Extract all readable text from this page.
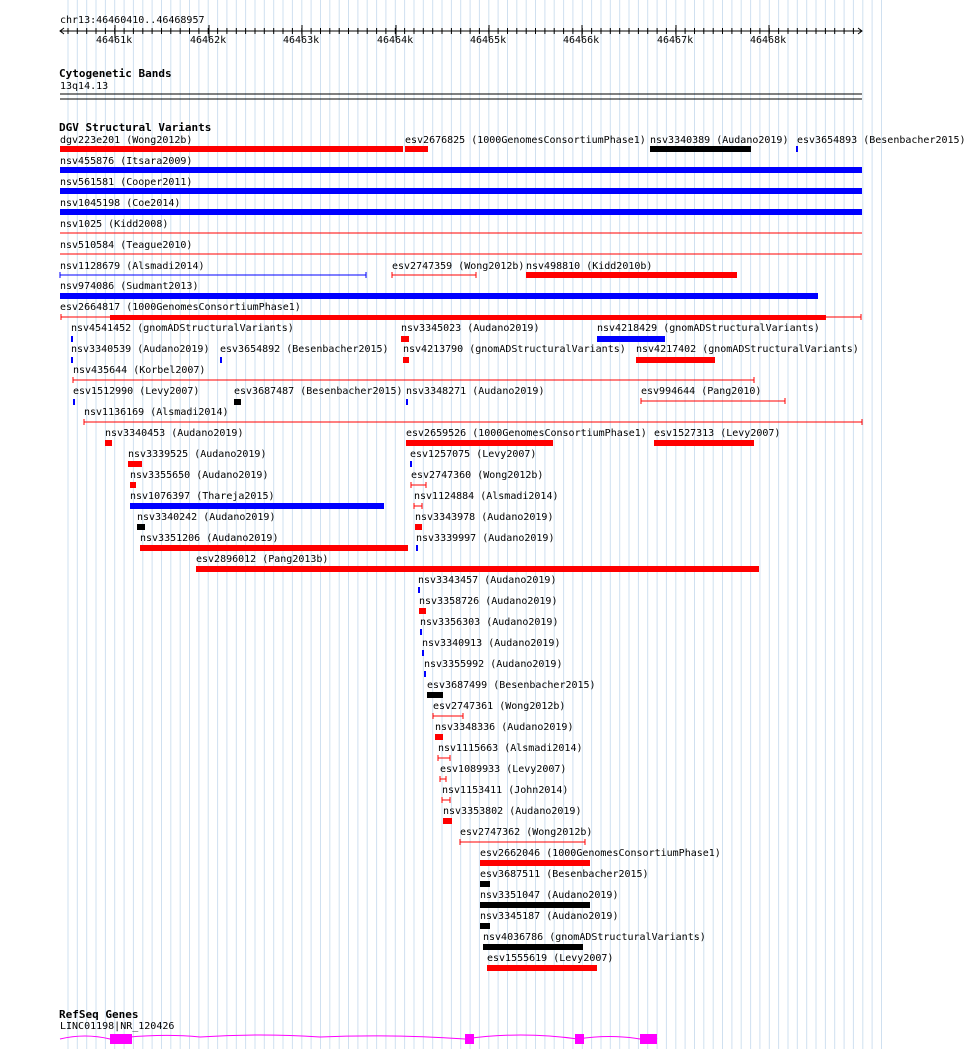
chr13:46460410..46468957
46461k	46462k	46463k	46464k	46465k	46466k	46467k	46468k
Cytogenetic Bands
13q14.13
DGV Structural Variants
dgv223e201 (Wong2012b)	esv2676825 (1000GenomesConsortiumPhase1) nsv3340389 (Audano2019) esv3654893 (Besenbacher2015)
nsv455876 (Itsara2009)
nsv561581 (Cooper2011)
nsv1045198 (Coe2014)
nsv1025 (Kidd2008)
nsv510584 (Teague2010)
nsv1128679 (Alsmadi2014)	esv2747359 (Wong2012b) nsv498810 (Kidd2010b)
nsv974086 (Sudmant2013)
esv2664817 (1000GenomesConsortiumPhase1)
nsv4541452 (gnomADStructuralVariants)	nsv3345023 (Audano2019)	nsv4218429 (gnomADStructuralVariants)
nsv3340539 (Audano2019) esv3654892 (Besenbacher2015) nsv4213790 (gnomADStructuralVariants) nsv4217402 (gnomADStructuralVariants)
nsv435644 (Korbel2007)
esv1512990 (Levy2007)	esv3687487 (Besenbacher2015) nsv3348271 (Audano2019)	esv994644 (Pang2010)
nsv1136169 (Alsmadi2014)
nsv3340453 (Audano2019)	esv2659526 (1000GenomesConsortiumPhase1) esv1527313 (Levy2007)
nsv3339525 (Audano2019)	esv1257075 (Levy2007)
nsv3355650 (Audano2019)	esv2747360 (Wong2012b)
nsv1076397 (Thareja2015)	nsv1124884 (Alsmadi2014)
nsv3340242 (Audano2019)	nsv3343978 (Audano2019)
nsv3351206 (Audano2019)	nsv3339997 (Audano2019)
esv2896012 (Pang2013b)
nsv3343457 (Audano2019)
nsv3358726 (Audano2019)
nsv3356303 (Audano2019)
nsv3340913 (Audano2019)
nsv3355992 (Audano2019)
esv3687499 (Besenbacher2015)
esv2747361 (Wong2012b)
nsv3348336 (Audano2019)
nsv1115663 (Alsmadi2014)
esv1089933 (Levy2007)
nsv1153411 (John2014)
nsv3353802 (Audano2019)
esv2747362 (Wong2012b)
esv2662046 (1000GenomesConsortiumPhase1)
esv3687511 (Besenbacher2015)
nsv3351047 (Audano2019)
nsv3345187 (Audano2019)
nsv4036786 (gnomADStructuralVariants)
esv1555619 (Levy2007)
RefSeq Genes
LINC01198|NR_120426
